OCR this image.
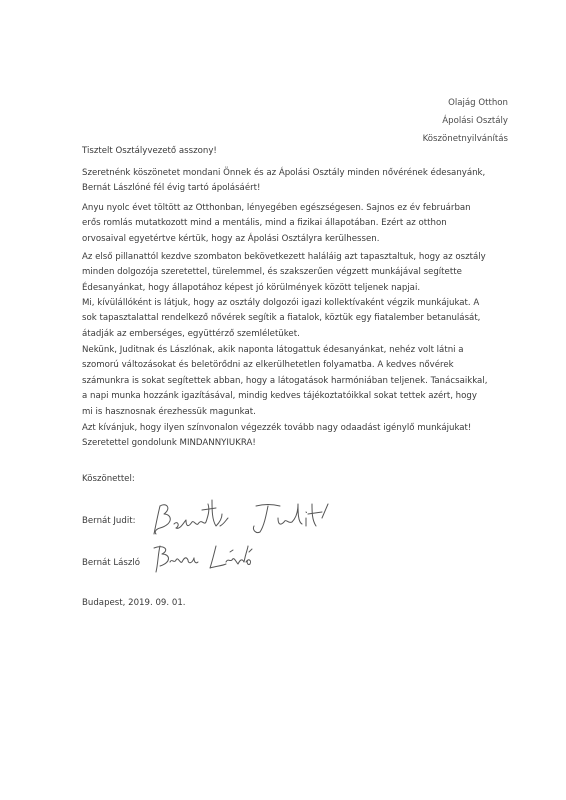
Olajág Otthon
Ápolási Osztály
Köszönetnyilvánítás
Tisztelt Osztályvezető asszony!
Szeretnénk köszönetet mondani Önnek és az Ápolási Osztály minden nővérének édesanyánk,
Bernát Lászlóné fél évig tartó ápolásáért!
Anyu nyolc évet töltött az Otthonban, lényegében egészségesen. Sajnos ez év februárban
erős romlás mutatkozott mind a mentális, mind a fizikai állapotában. Ezért az otthon
orvosaival egyetértve kértük, hogy az Ápolási Osztályra kerülhessen.
Az első pillanattól kezdve szombaton bekövetkezett haláláig azt tapasztaltuk, hogy az osztály
minden dolgozója szeretettel, türelemmel, és szakszerűen végzett munkájával segítette
Édesanyánkat, hogy állapotához képest jó körülmények között teljenek napjai.
Mi, kívülállóként is látjuk, hogy az osztály dolgozói igazi kollektívaként végzik munkájukat. A
sok tapasztalattal rendelkező nővérek segítik a fiatalok, köztük egy fiatalember betanulását,
átadják az emberséges, együttérző szemléletüket.
Nekünk, Juditnak és Lászlónak, akik naponta látogattuk édesanyánkat, nehéz volt látni a
szomorú változásokat és beletörődni az elkerülhetetlen folyamatba. A kedves nővérek
számunkra is sokat segítettek abban, hogy a látogatások harmóniában teljenek. Tanácsaikkal,
a napi munka hozzánk igazításával, mindig kedves tájékoztatóikkal sokat tettek azért, hogy
mi is hasznosnak érezhessük magunkat.
Azt kívánjuk, hogy ilyen színvonalon végezzék tovább nagy odaadást igénylő munkájukat!
Szeretettel gondolunk MINDANNYIUKRA!
Köszönettel:
Bernát Judit:
Bernát László
Budapest, 2019. 09. 01.
